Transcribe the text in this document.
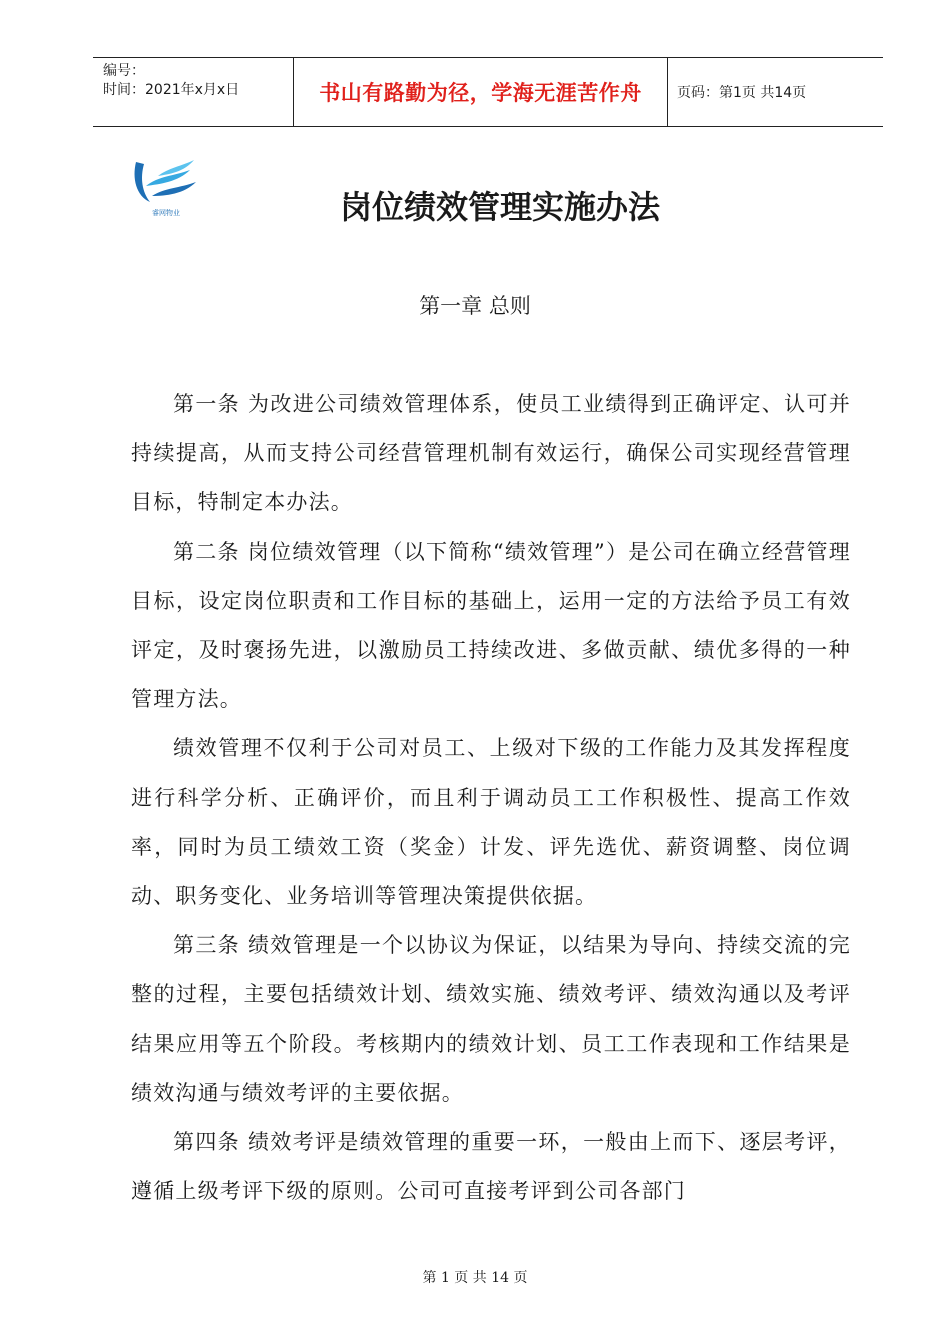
编号：
时间：2021年x月x日	书山有路勤为径，学海无涯苦作舟	页码：第1页 共14页
睿网物业	岗位绩效管理实施办法
第一章 总则

第一条 为改进公司绩效管理体系，使员工业绩得到正确评定、认可并持续提高，从而支持公司经营管理机制有效运行，确保公司实现经营管理目标，特制定本办法。

第二条 岗位绩效管理（以下简称“绩效管理”）是公司在确立经营管理目标，设定岗位职责和工作目标的基础上，运用一定的方法给予员工有效评定，及时褒扬先进，以激励员工持续改进、多做贡献、绩优多得的一种管理方法。

绩效管理不仅利于公司对员工、上级对下级的工作能力及其发挥程度进行科学分析、正确评价，而且利于调动员工工作积极性、提高工作效率，同时为员工绩效工资（奖金）计发、评先选优、薪资调整、岗位调动、职务变化、业务培训等管理决策提供依据。

第三条 绩效管理是一个以协议为保证，以结果为导向、持续交流的完整的过程，主要包括绩效计划、绩效实施、绩效考评、绩效沟通以及考评结果应用等五个阶段。考核期内的绩效计划、员工工作表现和工作结果是绩效沟通与绩效考评的主要依据。

第四条 绩效考评是绩效管理的重要一环，一般由上而下、逐层考评，遵循上级考评下级的原则。公司可直接考评到公司各部门

第 1 页 共 14 页
